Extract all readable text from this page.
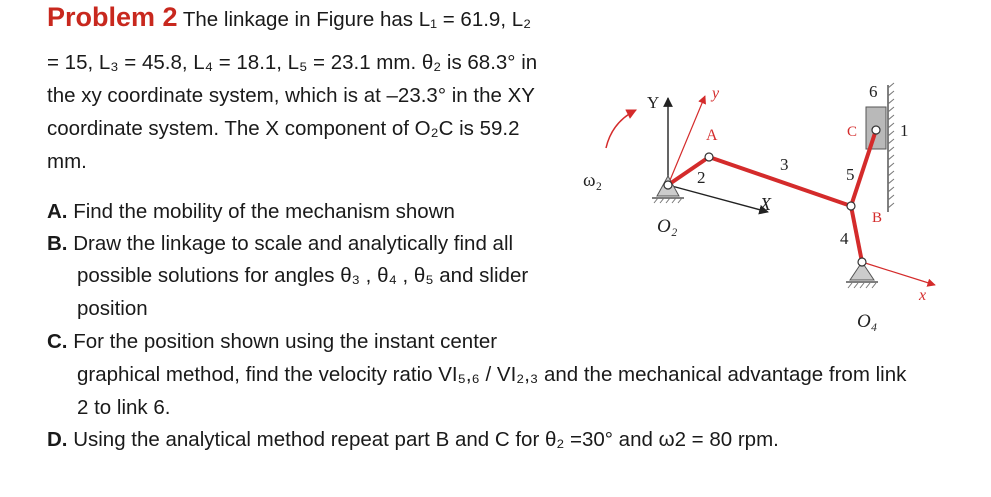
Problem 2 The linkage in Figure has L₁ = 61.9, L₂
= 15, L₃ = 45.8, L₄ = 18.1, L₅ = 23.1 mm. θ₂ is 68.3° in
the xy coordinate system, which is at –23.3° in the XY
coordinate system. The X component of O₂C is 59.2
mm.
A. Find the mobility of the mechanism shown
B. Draw the linkage to scale and analytically find all
possible solutions for angles θ₃ , θ₄ , θ₅ and slider
position
C. For the position shown using the instant center
graphical method, find the velocity ratio VI₅,₆ / VI₂,₃ and the mechanical advantage from link
2 to link 6.
D. Using the analytical method repeat part B and C for θ₂ =30° and ω2 = 80 rpm.
Y	y
A	C
B
X
x
ω₂
O₂
O₄
1
2
3
4
5
6
